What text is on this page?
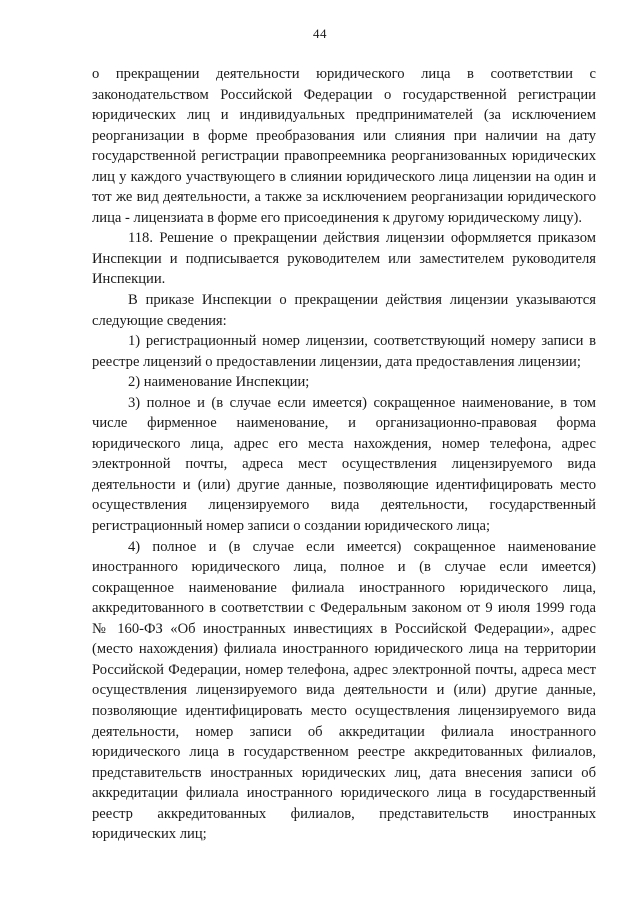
44

о прекращении деятельности юридического лица в соответствии с законодательством Российской Федерации о государственной регистрации юридических лиц и индивидуальных предпринимателей (за исключением реорганизации в форме преобразования или слияния при наличии на дату государственной регистрации правопреемника реорганизованных юридических лиц у каждого участвующего в слиянии юридического лица лицензии на один и тот же вид деятельности, а также за исключением реорганизации юридического лица - лицензиата в форме его присоединения к другому юридическому лицу).

118. Решение о прекращении действия лицензии оформляется приказом Инспекции и подписывается руководителем или заместителем руководителя Инспекции.

В приказе Инспекции о прекращении действия лицензии указываются следующие сведения:

1) регистрационный номер лицензии, соответствующий номеру записи в реестре лицензий о предоставлении лицензии, дата предоставления лицензии;

2) наименование Инспекции;

3) полное и (в случае если имеется) сокращенное наименование, в том числе фирменное наименование, и организационно-правовая форма юридического лица, адрес его места нахождения, номер телефона, адрес электронной почты, адреса мест осуществления лицензируемого вида деятельности и (или) другие данные, позволяющие идентифицировать место осуществления лицензируемого вида деятельности, государственный регистрационный номер записи о создании юридического лица;

4) полное и (в случае если имеется) сокращенное наименование иностранного юридического лица, полное и (в случае если имеется) сокращенное наименование филиала иностранного юридического лица, аккредитованного в соответствии с Федеральным законом от 9 июля 1999 года № 160-ФЗ «Об иностранных инвестициях в Российской Федерации», адрес (место нахождения) филиала иностранного юридического лица на территории Российской Федерации, номер телефона, адрес электронной почты, адреса мест осуществления лицензируемого вида деятельности и (или) другие данные, позволяющие идентифицировать место осуществления лицензируемого вида деятельности, номер записи об аккредитации филиала иностранного юридического лица в государственном реестре аккредитованных филиалов, представительств иностранных юридических лиц, дата внесения записи об аккредитации филиала иностранного юридического лица в государственный реестр аккредитованных филиалов, представительств иностранных юридических лиц;
